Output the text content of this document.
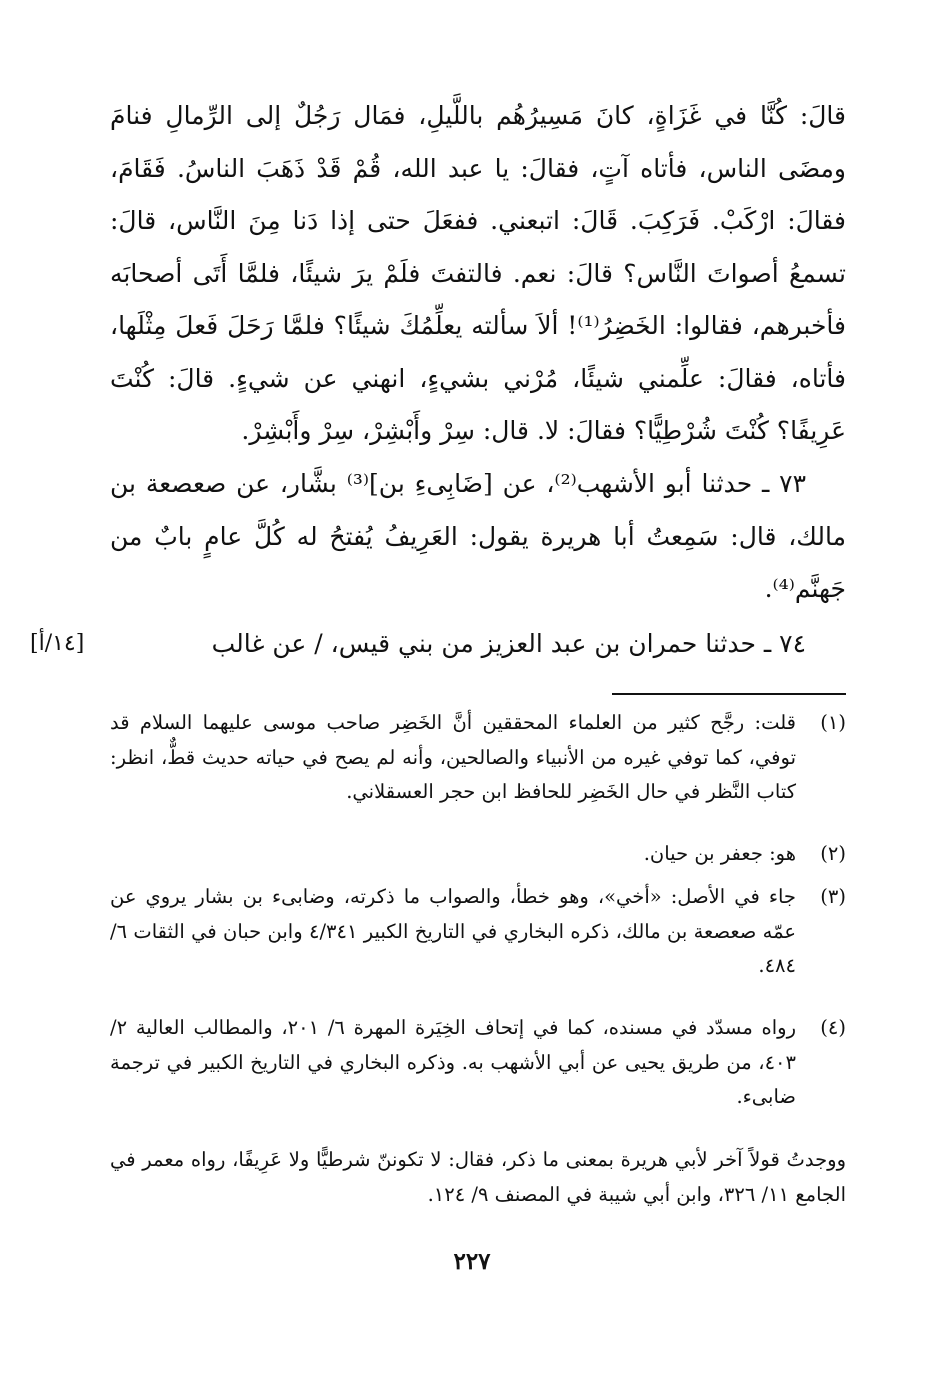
قالَ: كُنَّا في غَزَاةٍ، كانَ مَسِيرُهُم باللَّيلِ، فمَال رَجُلٌ إلى الرِّمالِ فنامَ ومضَى الناس، فأتاه آتٍ، فقالَ: يا عبد الله، قُمْ قَدْ ذَهَبَ الناسُ. فَقَامَ، فقالَ: ارْكَبْ. فَرَكِبَ. قَالَ: اتبعني. ففعَلَ حتى إذا دَنا مِنَ النَّاس، قالَ: تسمعُ أصواتَ النَّاس؟ قالَ: نعم. فالتفتَ فلَمْ يرَ شيئًا، فلمَّا أَتَى أصحابَه فأخبرهم، فقالوا: الخَضِرُ⁽¹⁾! ألاَ سألته يعلِّمُكَ شيئًا؟ فلمَّا رَحَلَ فَعلَ مِثْلَها، فأتاه، فقالَ: علِّمني شيئًا، مُرْني بشيءٍ، انهني عن شيءٍ. قالَ: كُنْتَ عَرِيفًا؟ كُنْتَ شُرْطِيًّا؟ فقالَ: لا. قال: سِرْ وأَبْشِرْ، سِرْ وأَبْشِرْ.

٧٣ ـ حدثنا أبو الأشهب⁽²⁾، عن [ضَابِىءِ بن]⁽³⁾ بشَّار، عن صعصعة بن مالك، قال: سَمِعتُ أبا هريرة يقول: العَرِيفُ يُفتحُ له كُلَّ عامٍ بابٌ من جَهنَّم⁽⁴⁾.

٧٤ ـ حدثنا حمران بن عبد العزيز من بني قيس، / عن غالب

[١٤/أ]
(١)
قلت: رجَّح كثير من العلماء المحققين أنَّ الخَضِر صاحب موسى عليهما السلام قد توفي، كما توفي غيره من الأنبياء والصالحين، وأنه لم يصح في حياته حديث قطٌّ، انظر: كتاب النَّظر في حال الخَضِر للحافظ ابن حجر العسقلاني.
(٢)
هو: جعفر بن حيان.
(٣)
جاء في الأصل: «أخي»، وهو خطأ، والصواب ما ذكرته، وضابىء بن بشار يروي عن عمّه صعصعة بن مالك، ذكره البخاري في التاريخ الكبير ٤/٣٤١ وابن حبان في الثقات ٦/ ٤٨٤.
(٤)
رواه مسدّد في مسنده، كما في إتحاف الخِيَرة المهرة ٦/ ٢٠١، والمطالب العالية ٢/ ٤٠٣، من طريق يحيى عن أبي الأشهب به. وذكره البخاري في التاريخ الكبير في ترجمة ضابىء.
ووجدتُ قولاً آخر لأبي هريرة بمعنى ما ذكر، فقال: لا تكوننّ شرطيًّا ولا عَرِيفًا، رواه معمر في الجامع ١١/ ٣٢٦، وابن أبي شيبة في المصنف ٩/ ١٢٤.
٢٢٧
